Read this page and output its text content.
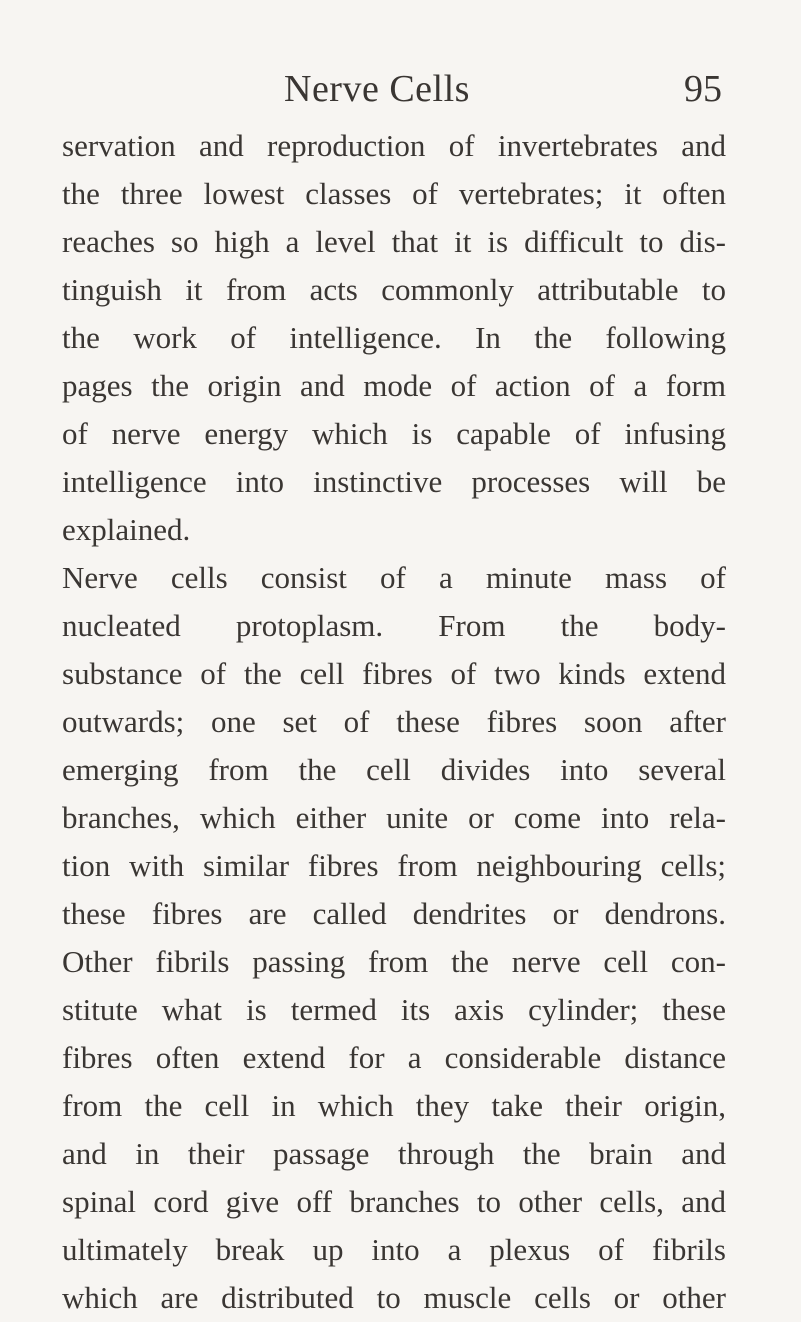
Nerve Cells	95
servation and reproduction of invertebrates and
the three lowest classes of vertebrates; it often
reaches so high a level that it is difficult to dis-
tinguish it from acts commonly attributable to
the work of intelligence. In the following
pages the origin and mode of action of a form
of nerve energy which is capable of infusing
intelligence into instinctive processes will be
explained.
Nerve cells consist of a minute mass of
nucleated protoplasm. From the body-
substance of the cell fibres of two kinds extend
outwards; one set of these fibres soon after
emerging from the cell divides into several
branches, which either unite or come into rela-
tion with similar fibres from neighbouring cells;
these fibres are called dendrites or dendrons.
Other fibrils passing from the nerve cell con-
stitute what is termed its axis cylinder; these
fibres often extend for a considerable distance
from the cell in which they take their origin,
and in their passage through the brain and
spinal cord give off branches to other cells, and
ultimately break up into a plexus of fibrils
which are distributed to muscle cells or other
